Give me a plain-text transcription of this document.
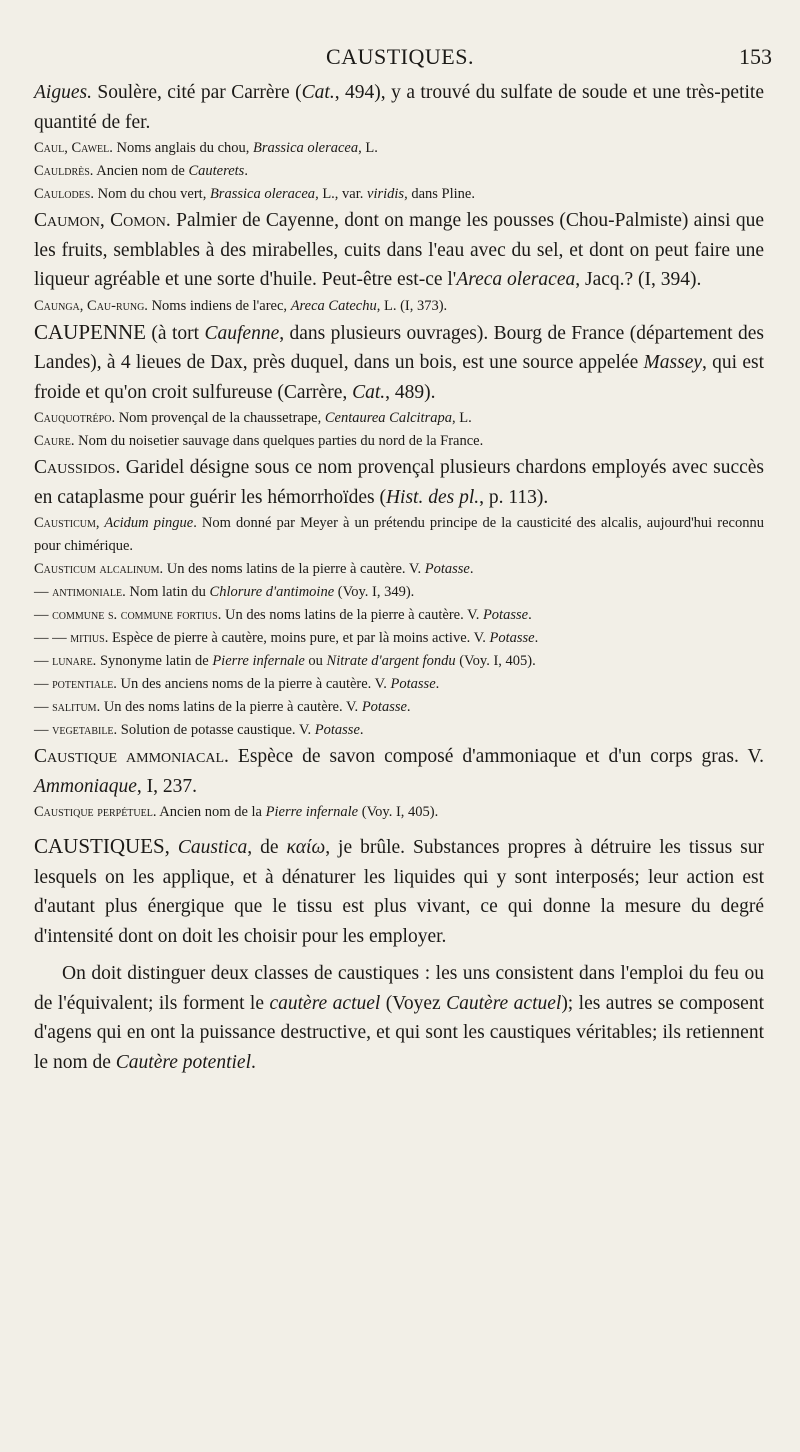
CAUSTIQUES.	153

Aigues. Soulère, cité par Carrère (Cat., 494), y a trouvé du sulfate de soude et une très-petite quantité de fer.

Caul, Cawel. Noms anglais du chou, Brassica oleracea, L.

Cauldrès. Ancien nom de Cauterets.

Caulodes. Nom du chou vert, Brassica oleracea, L., var. viridis, dans Pline.

Caumon, Comon. Palmier de Cayenne, dont on mange les pousses (Chou-Palmiste) ainsi que les fruits, semblables à des mirabelles, cuits dans l'eau avec du sel, et dont on peut faire une liqueur agréable et une sorte d'huile. Peut-être est-ce l'Areca oleracea, Jacq.? (I, 394).

Caunga, Cau-rung. Noms indiens de l'arec, Areca Catechu, L. (I, 373).

CAUPENNE (à tort Caufenne, dans plusieurs ouvrages). Bourg de France (département des Landes), à 4 lieues de Dax, près duquel, dans un bois, est une source appelée Massey, qui est froide et qu'on croit sulfureuse (Carrère, Cat., 489).

Cauquotrépo. Nom provençal de la chaussetrape, Centaurea Calcitrapa, L.

Caure. Nom du noisetier sauvage dans quelques parties du nord de la France.

Caussidos. Garidel désigne sous ce nom provençal plusieurs chardons employés avec succès en cataplasme pour guérir les hémorrhoïdes (Hist. des pl., p. 113).

Causticum, Acidum pingue. Nom donné par Meyer à un prétendu principe de la causticité des alcalis, aujourd'hui reconnu pour chimérique.

Causticum alcalinum. Un des noms latins de la pierre à cautère. V. Potasse.

— antimoniale. Nom latin du Chlorure d'antimoine (Voy. I, 349).

— commune s. commune fortius. Un des noms latins de la pierre à cautère. V. Potasse.

— — mitius. Espèce de pierre à cautère, moins pure, et par là moins active. V. Potasse.

— lunare. Synonyme latin de Pierre infernale ou Nitrate d'argent fondu (Voy. I, 405).

— potentiale. Un des anciens noms de la pierre à cautère. V. Potasse.

— salitum. Un des noms latins de la pierre à cautère. V. Potasse.

— vegetabile. Solution de potasse caustique. V. Potasse.

Caustique ammoniacal. Espèce de savon composé d'ammoniaque et d'un corps gras. V. Ammoniaque, I, 237.

Caustique perpétuel. Ancien nom de la Pierre infernale (Voy. I, 405).

CAUSTIQUES, Caustica, de καίω, je brûle. Substances propres à détruire les tissus sur lesquels on les applique, et à dénaturer les liquides qui y sont interposés; leur action est d'autant plus énergique que le tissu est plus vivant, ce qui donne la mesure du degré d'intensité dont on doit les choisir pour les employer.

On doit distinguer deux classes de caustiques : les uns consistent dans l'emploi du feu ou de l'équivalent; ils forment le cautère actuel (Voyez Cautère actuel); les autres se composent d'agens qui en ont la puissance destructive, et qui sont les caustiques véritables; ils retiennent le nom de Cautère potentiel.
